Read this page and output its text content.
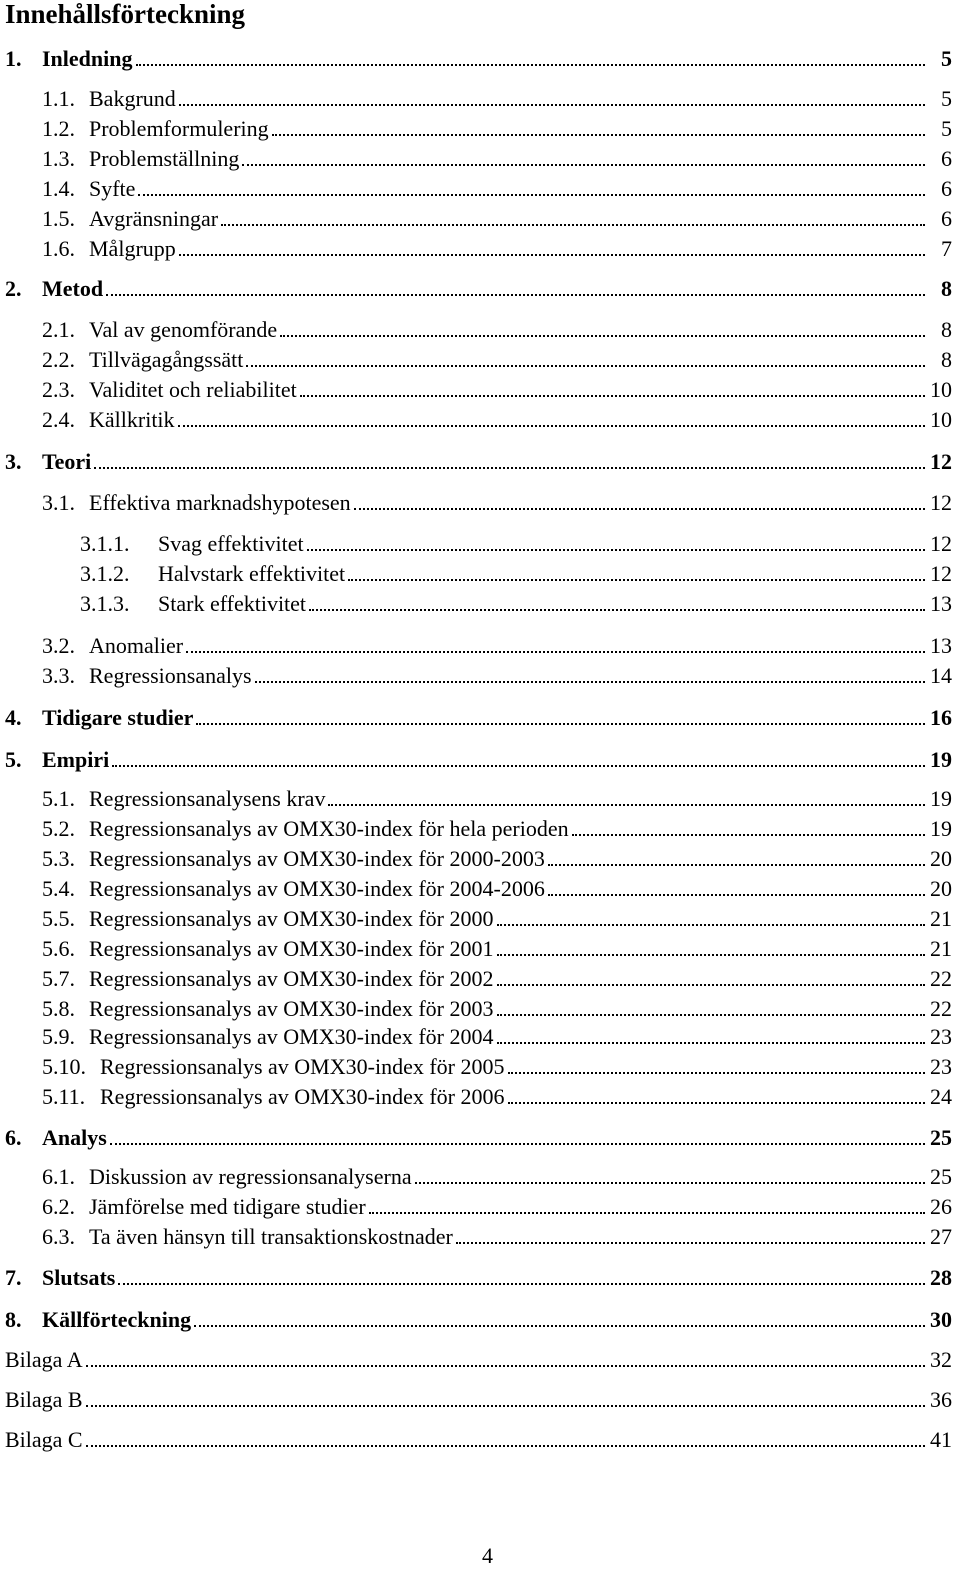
Innehållsförteckning
1. Inledning	5
1.1. Bakgrund	5
1.2. Problemformulering	5
1.3. Problemställning	6
1.4. Syfte	6
1.5. Avgränsningar	6
1.6. Målgrupp	7
2. Metod	8
2.1. Val av genomförande	8
2.2. Tillvägagångssätt	8
2.3. Validitet och reliabilitet	10
2.4. Källkritik	10
3. Teori	12
3.1. Effektiva marknadshypotesen	12
3.1.1.	Svag effektivitet	12
3.1.2.	Halvstark effektivitet	12
3.1.3.	Stark effektivitet	13
3.2. Anomalier	13
3.3. Regressionsanalys	14
4. Tidigare studier	16
5. Empiri	19
5.1. Regressionsanalysens krav	19
5.2. Regressionsanalys av OMX30-index för hela perioden	19
5.3. Regressionsanalys av OMX30-index för 2000-2003	20
5.4. Regressionsanalys av OMX30-index för 2004-2006	20
5.5. Regressionsanalys av OMX30-index för 2000	21
5.6. Regressionsanalys av OMX30-index för 2001	21
5.7. Regressionsanalys av OMX30-index för 2002	22
5.8. Regressionsanalys av OMX30-index för 2003	22
5.9. Regressionsanalys av OMX30-index för 2004	23
5.10. Regressionsanalys av OMX30-index för 2005	23
5.11. Regressionsanalys av OMX30-index för 2006	24
6. Analys	25
6.1. Diskussion av regressionsanalyserna	25
6.2. Jämförelse med tidigare studier	26
6.3. Ta även hänsyn till transaktionskostnader	27
7. Slutsats	28
8. Källförteckning	30
Bilaga A	32
Bilaga B	36
Bilaga C	41
4
